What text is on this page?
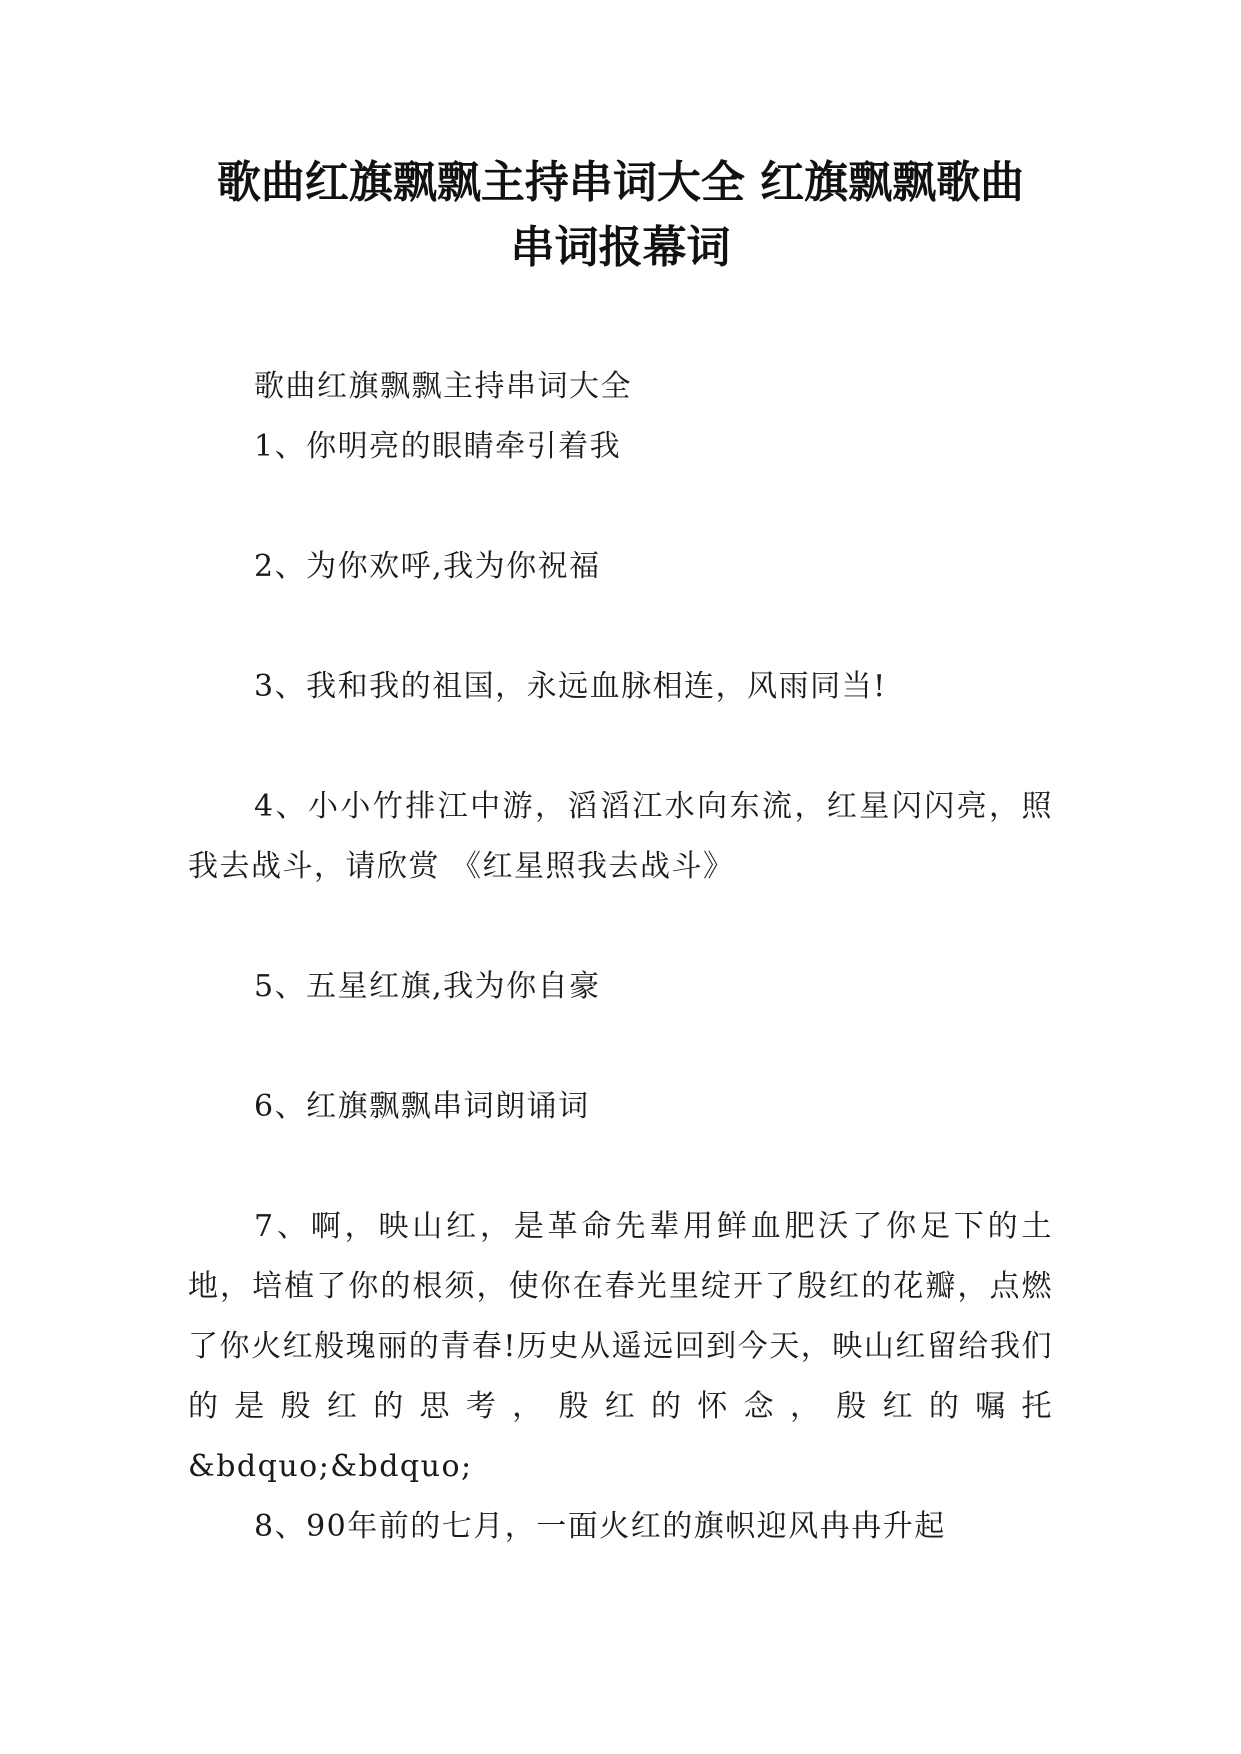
歌曲红旗飘飘主持串词大全 红旗飘飘歌曲
串词报幕词

歌曲红旗飘飘主持串词大全

1、你明亮的眼睛牵引着我

2、为你欢呼,我为你祝福

3、我和我的祖国，永远血脉相连，风雨同当!

4、小小竹排江中游，滔滔江水向东流，红星闪闪亮，照我去战斗，请欣赏 《红星照我去战斗》

5、五星红旗,我为你自豪

6、红旗飘飘串词朗诵词

7、啊，映山红，是革命先辈用鲜血肥沃了你足下的土地，培植了你的根须，使你在春光里绽开了殷红的花瓣，点燃了你火红般瑰丽的青春!历史从遥远回到今天，映山红留给我们的是殷红的思考，殷红的怀念，殷红的嘱托&bdquo;&bdquo;

8、90年前的七月，一面火红的旗帜迎风冉冉升起
